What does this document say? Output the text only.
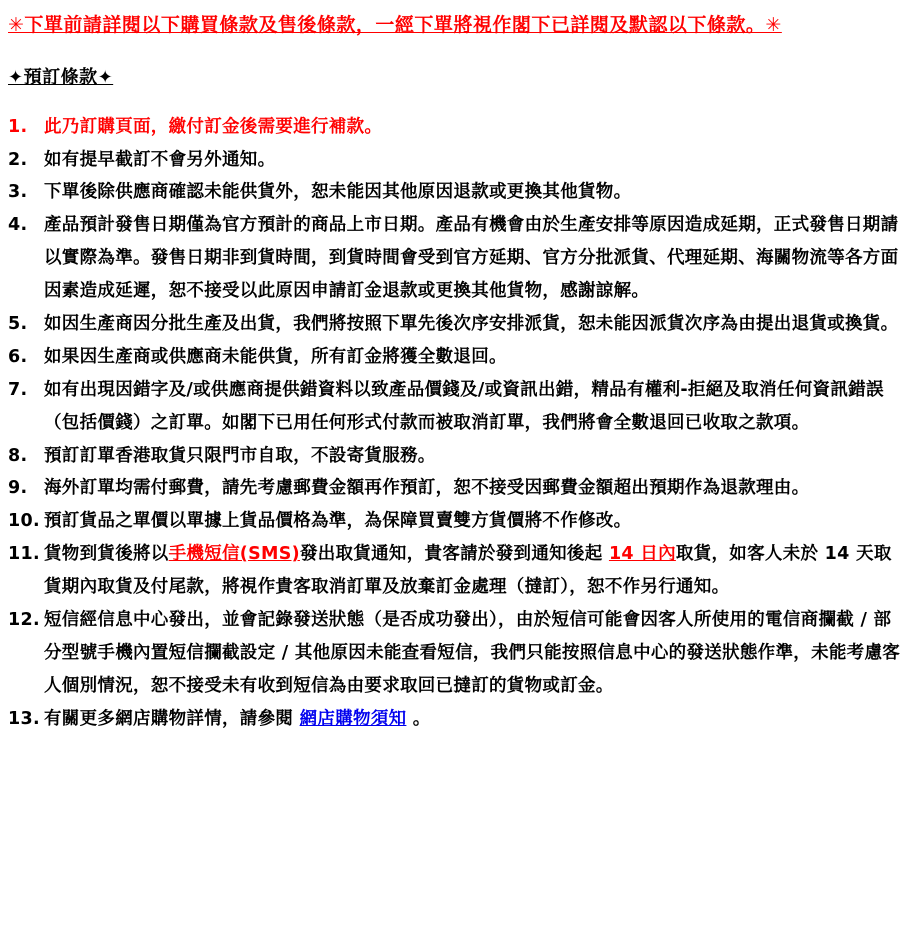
✳下單前請詳閱以下購買條款及售後條款，一經下單將視作閣下已詳閱及默認以下條款。✳
✦預訂條款✦
1. 此乃訂購頁面，繳付訂金後需要進行補款。
2. 如有提早截訂不會另外通知。
3. 下單後除供應商確認未能供貨外，恕未能因其他原因退款或更換其他貨物。
4. 產品預計發售日期僅為官方預計的商品上市日期。產品有機會由於生產安排等原因造成延期，正式發售日期請以實際為準。發售日期非到貨時間，到貨時間會受到官方延期、官方分批派貨、代理延期、海關物流等各方面因素造成延遲，恕不接受以此原因申請訂金退款或更換其他貨物，感謝諒解。
5. 如因生產商因分批生產及出貨，我們將按照下單先後次序安排派貨，恕未能因派貨次序為由提出退貨或換貨。
6. 如果因生產商或供應商未能供貨，所有訂金將獲全數退回。
7. 如有出現因錯字及/或供應商提供錯資料以致產品價錢及/或資訊出錯，精品有權利-拒絕及取消任何資訊錯誤（包括價錢）之訂單。如閣下已用任何形式付款而被取消訂單，我們將會全數退回已收取之款項。
8. 預訂訂單香港取貨只限門市自取，不設寄貨服務。
9. 海外訂單均需付郵費，請先考慮郵費金額再作預訂，恕不接受因郵費金額超出預期作為退款理由。
10. 預訂貨品之單價以單據上貨品價格為準，為保障買賣雙方貨價將不作修改。
11. 貨物到貨後將以手機短信(SMS)發出取貨通知，貴客請於發到通知後起 14 日內取貨，如客人未於 14 天取貨期內取貨及付尾款，將視作貴客取消訂單及放棄訂金處理（撻訂），恕不作另行通知。
12. 短信經信息中心發出，並會記錄發送狀態（是否成功發出），由於短信可能會因客人所使用的電信商攔截 / 部分型號手機內置短信攔截設定 / 其他原因未能查看短信，我們只能按照信息中心的發送狀態作準，未能考慮客人個別情況，恕不接受未有收到短信為由要求取回已撻訂的貨物或訂金。
13. 有關更多網店購物詳情，請參閱 網店購物須知 。
